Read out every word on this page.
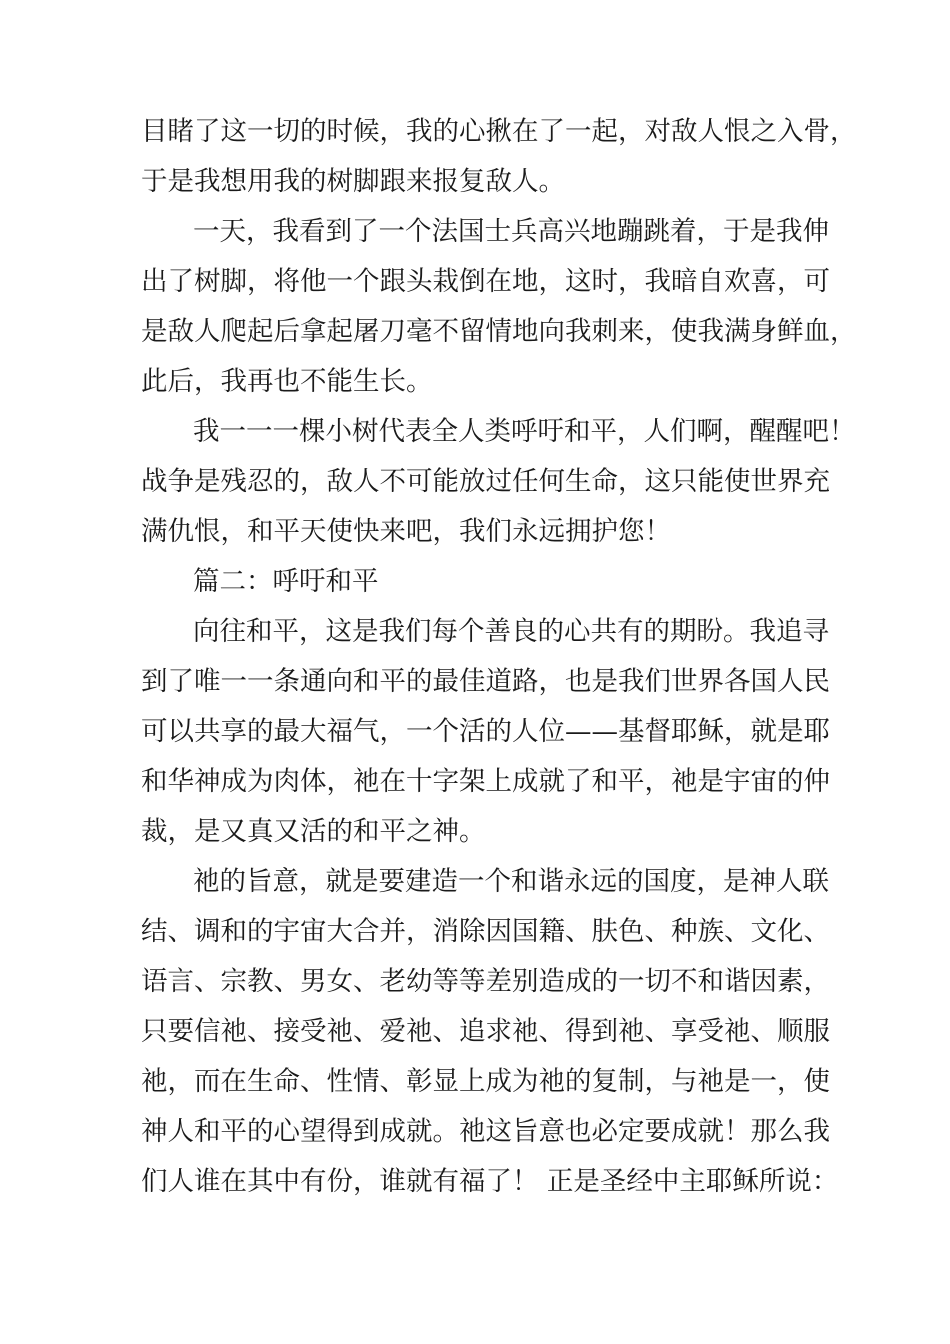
目睹了这一切的时候，我的心揪在了一起，对敌人恨之入骨，
于是我想用我的树脚跟来报复敌人。
一天，我看到了一个法国士兵高兴地蹦跳着，于是我伸
出了树脚，将他一个跟头栽倒在地，这时，我暗自欢喜，可
是敌人爬起后拿起屠刀毫不留情地向我刺来，使我满身鲜血，
此后，我再也不能生长。
我一一一棵小树代表全人类呼吁和平，人们啊，醒醒吧！
战争是残忍的，敌人不可能放过任何生命，这只能使世界充
满仇恨，和平天使快来吧，我们永远拥护您！
篇二：呼吁和平
向往和平，这是我们每个善良的心共有的期盼。我追寻
到了唯一一条通向和平的最佳道路，也是我们世界各国人民
可以共享的最大福气，一个活的人位——基督耶稣，就是耶
和华神成为肉体，祂在十字架上成就了和平，祂是宇宙的仲
裁，是又真又活的和平之神。
祂的旨意，就是要建造一个和谐永远的国度，是神人联
结、调和的宇宙大合并，消除因国籍、肤色、种族、文化、
语言、宗教、男女、老幼等等差别造成的一切不和谐因素，
只要信祂、接受祂、爱祂、追求祂、得到祂、享受祂、顺服
祂，而在生命、性情、彰显上成为祂的复制，与祂是一，使
神人和平的心望得到成就。祂这旨意也必定要成就！那么我
们人谁在其中有份，谁就有福了！ 正是圣经中主耶稣所说：
